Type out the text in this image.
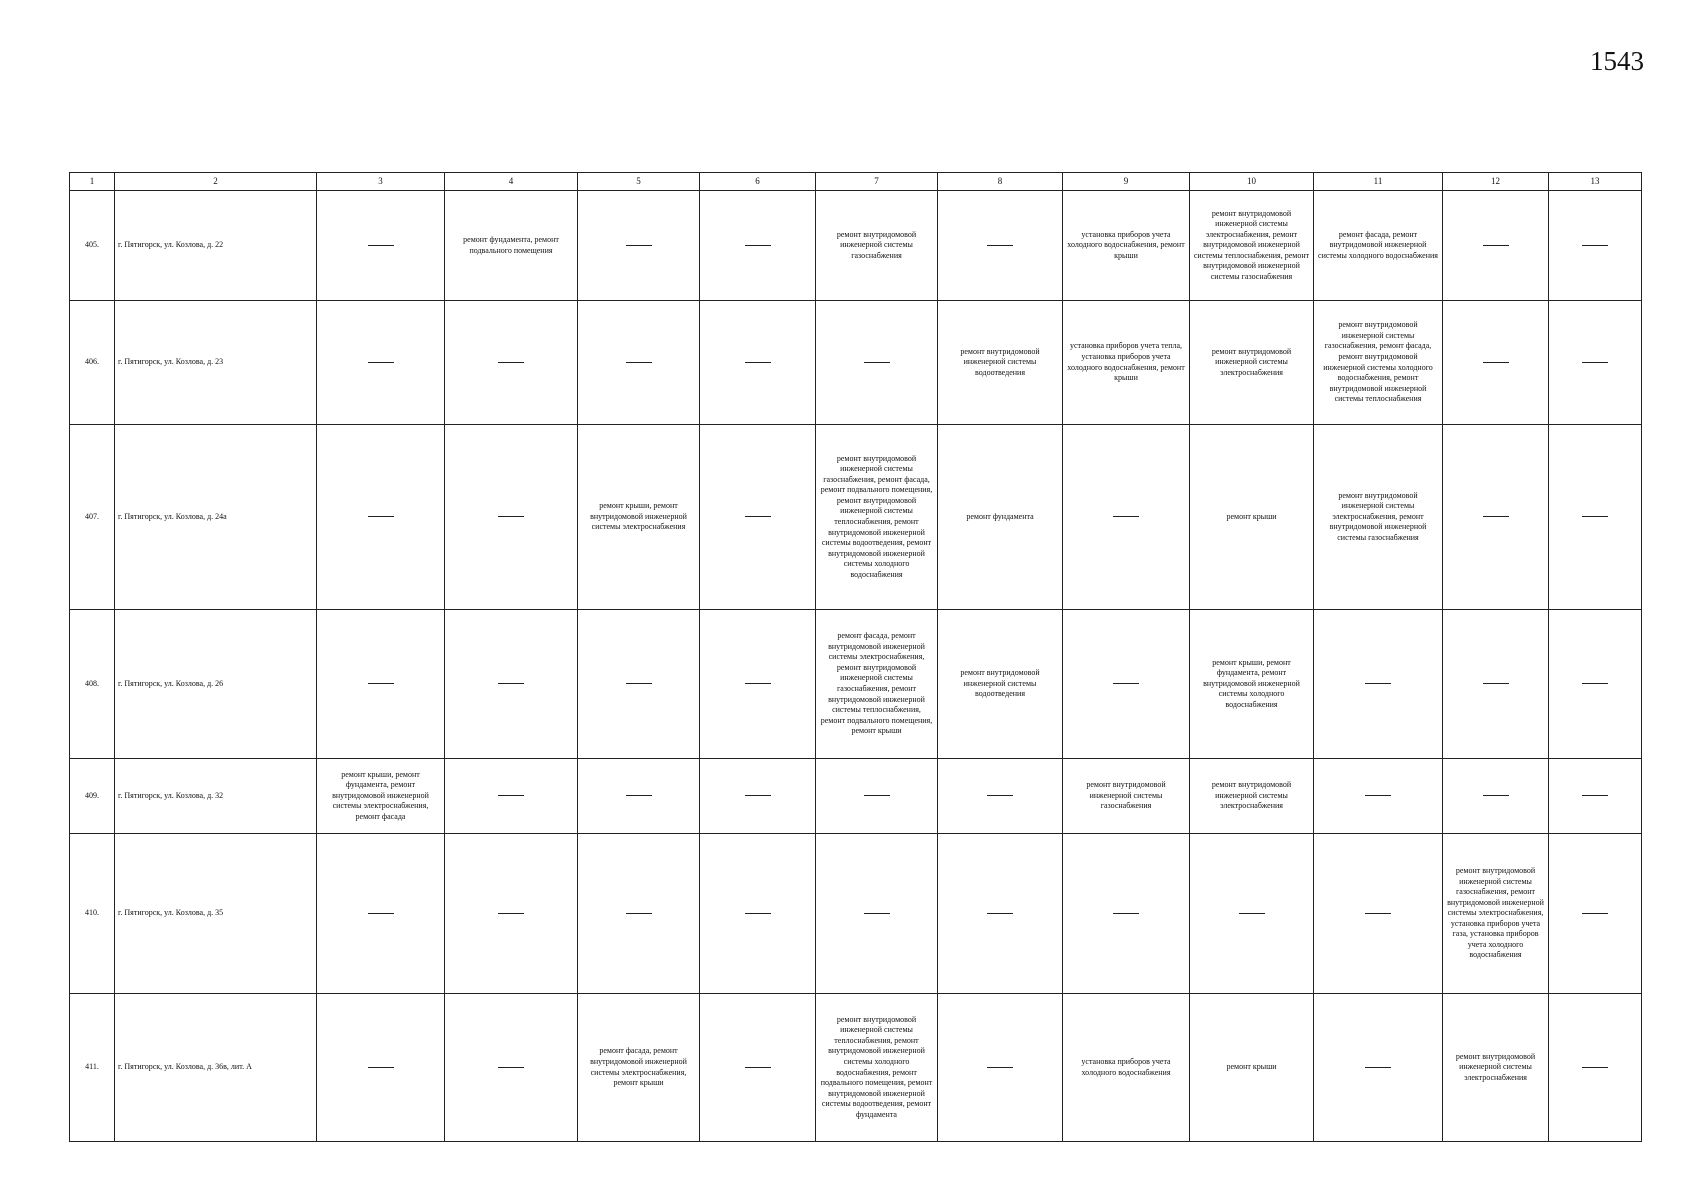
1543
1	2	3	4	5	6	7	8	9	10	11	12	13
405.	г. Пятигорск, ул. Козлова, д. 22		ремонт фундамента, ремонт подвального помещения			ремонт внутридомовой инженерной системы газоснабжения		установка приборов учета холодного водоснабжения, ремонт крыши	ремонт внутридомовой инженерной системы электроснабжения, ремонт внутридомовой инженерной системы теплоснабжения, ремонт внутридомовой инженерной системы газоснабжения	ремонт фасада, ремонт внутридомовой инженерной системы холодного водоснабжения		

406.	г. Пятигорск, ул. Козлова, д. 23						ремонт внутридомовой инженерной системы водоотведения	установка приборов учета тепла, установка приборов учета холодного водоснабжения, ремонт крыши	ремонт внутридомовой инженерной системы электроснабжения	ремонт внутридомовой инженерной системы газоснабжения, ремонт фасада, ремонт внутридомовой инженерной системы холодного водоснабжения, ремонт внутридомовой инженерной системы теплоснабжения		

407.	г. Пятигорск, ул. Козлова, д. 24а			ремонт крыши, ремонт внутридомовой инженерной системы электроснабжения		ремонт внутридомовой инженерной системы газоснабжения, ремонт фасада, ремонт подвального помещения, ремонт внутридомовой инженерной системы теплоснабжения, ремонт внутридомовой инженерной системы водоотведения, ремонт внутридомовой инженерной системы холодного водоснабжения	ремонт фундамента		ремонт крыши	ремонт внутридомовой инженерной системы электроснабжения, ремонт внутридомовой инженерной системы газоснабжения		

408.	г. Пятигорск, ул. Козлова, д. 26					ремонт фасада, ремонт внутридомовой инженерной системы электроснабжения, ремонт внутридомовой инженерной системы газоснабжения, ремонт внутридомовой инженерной системы теплоснабжения, ремонт подвального помещения, ремонт крыши	ремонт внутридомовой инженерной системы водоотведения		ремонт крыши, ремонт фундамента, ремонт внутридомовой инженерной системы холодного водоснабжения			

409.	г. Пятигорск, ул. Козлова, д. 32	ремонт крыши, ремонт фундамента, ремонт внутридомовой инженерной системы электроснабжения, ремонт фасада						ремонт внутридомовой инженерной системы газоснабжения	ремонт внутридомовой инженерной системы электроснабжения			

410.	г. Пятигорск, ул. Козлова, д. 35										ремонт внутридомовой инженерной системы газоснабжения, ремонт внутридомовой инженерной системы электроснабжения, установка приборов учета газа, установка приборов учета холодного водоснабжения	

411.	г. Пятигорск, ул. Козлова, д. 36в, лит. А			ремонт фасада, ремонт внутридомовой инженерной системы электроснабжения, ремонт крыши		ремонт внутридомовой инженерной системы теплоснабжения, ремонт внутридомовой инженерной системы холодного водоснабжения, ремонт подвального помещения, ремонт внутридомовой инженерной системы водоотведения, ремонт фундамента		установка приборов учета холодного водоснабжения	ремонт крыши		ремонт внутридомовой инженерной системы электроснабжения	
